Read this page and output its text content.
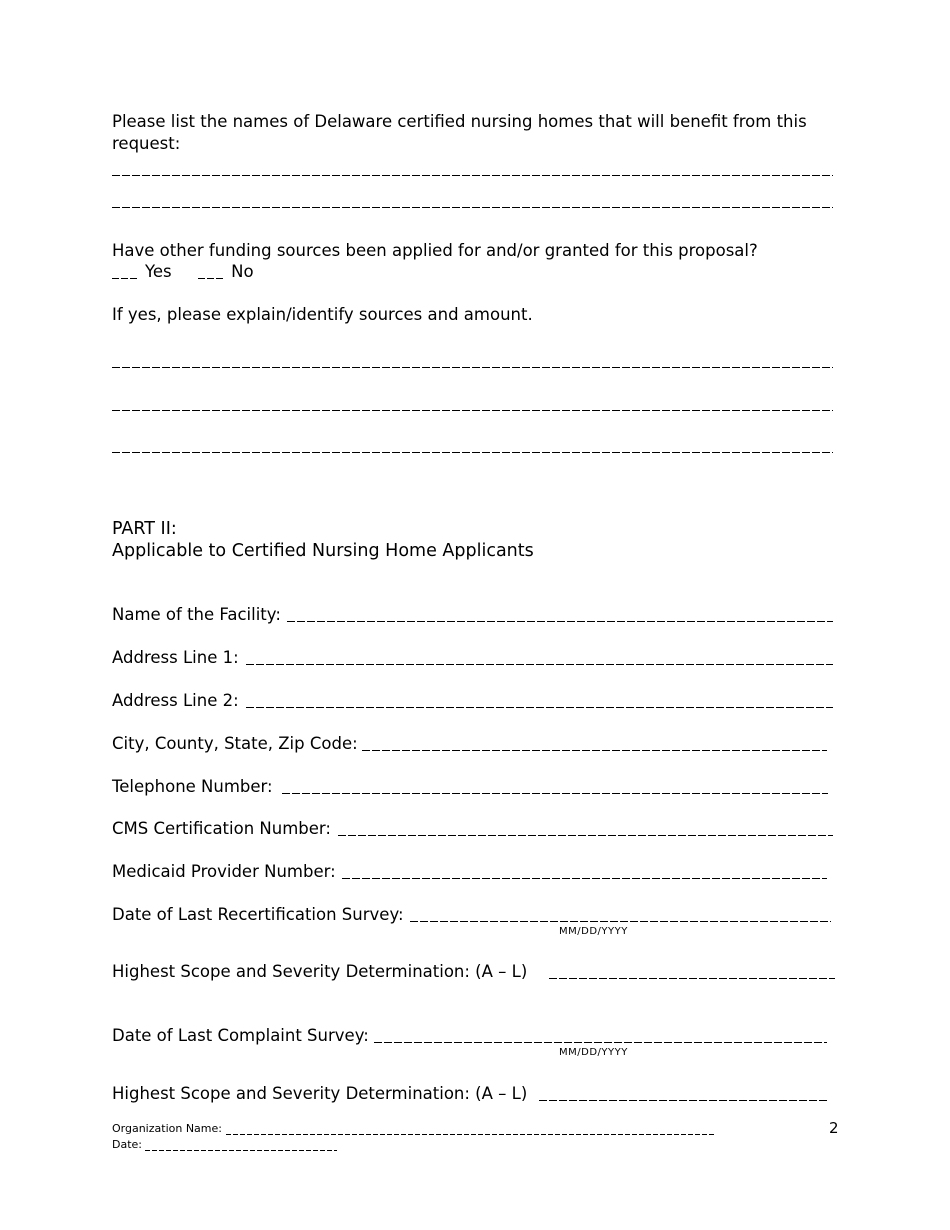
Please list the names of Delaware certified nursing homes that will benefit from this
request:
Have other funding sources been applied for and/or granted for this proposal?
Yes	No
If yes, please explain/identify sources and amount.
PART II:
Applicable to Certified Nursing Home Applicants
Name of the Facility:
Address Line 1:
Address Line 2:
City, County, State, Zip Code:
Telephone Number:
CMS Certification Number:
Medicaid Provider Number:
Date of Last Recertification Survey:
MM/DD/YYYY
Highest Scope and Severity Determination: (A – L)
Date of Last Complaint Survey:
MM/DD/YYYY
Highest Scope and Severity Determination: (A – L)
Organization Name:
Date:
2
